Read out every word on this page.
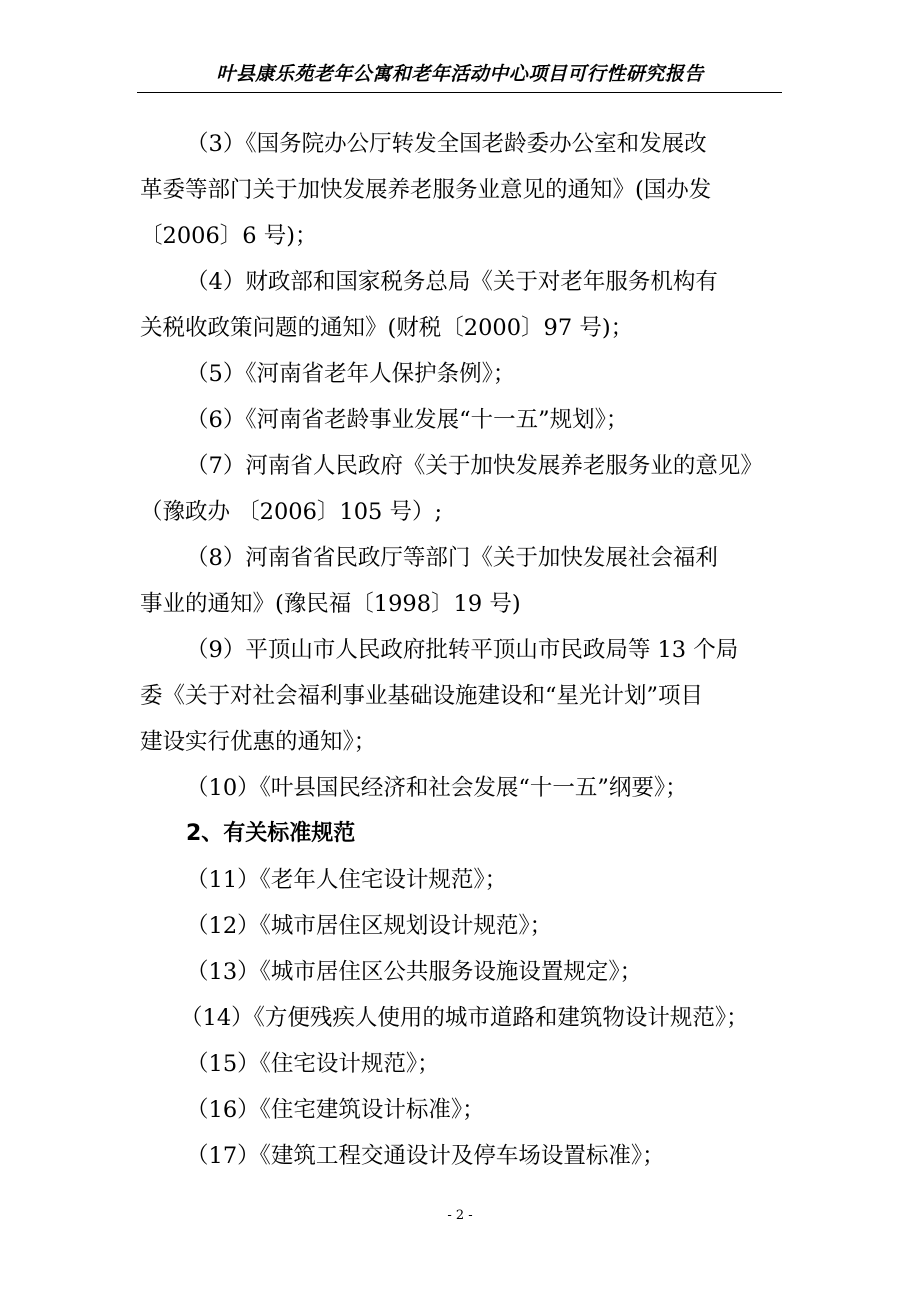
叶县康乐苑老年公寓和老年活动中心项目可行性研究报告
（3）《国务院办公厅转发全国老龄委办公室和发展改
革委等部门关于加快发展养老服务业意见的通知》(国办发
〔2006〕6 号)；
（4）财政部和国家税务总局《关于对老年服务机构有
关税收政策问题的通知》(财税〔2000〕97 号)；
（5）《河南省老年人保护条例》；
（6）《河南省老龄事业发展“十一五”规划》；
（7）河南省人民政府《关于加快发展养老服务业的意见》
（豫政办 〔2006〕105 号）;
（8）河南省省民政厅等部门《关于加快发展社会福利
事业的通知》(豫民福〔1998〕19 号)
（9）平顶山市人民政府批转平顶山市民政局等 13 个局
委《关于对社会福利事业基础设施建设和“星光计划”项目
建设实行优惠的通知》；
（10）《叶县国民经济和社会发展“十一五”纲要》；
2、有关标准规范
（11）《老年人住宅设计规范》；
（12）《城市居住区规划设计规范》；
（13）《城市居住区公共服务设施设置规定》；
（14）《方便残疾人使用的城市道路和建筑物设计规范》；
（15）《住宅设计规范》；
（16）《住宅建筑设计标准》；
（17）《建筑工程交通设计及停车场设置标准》；
- 2 -
